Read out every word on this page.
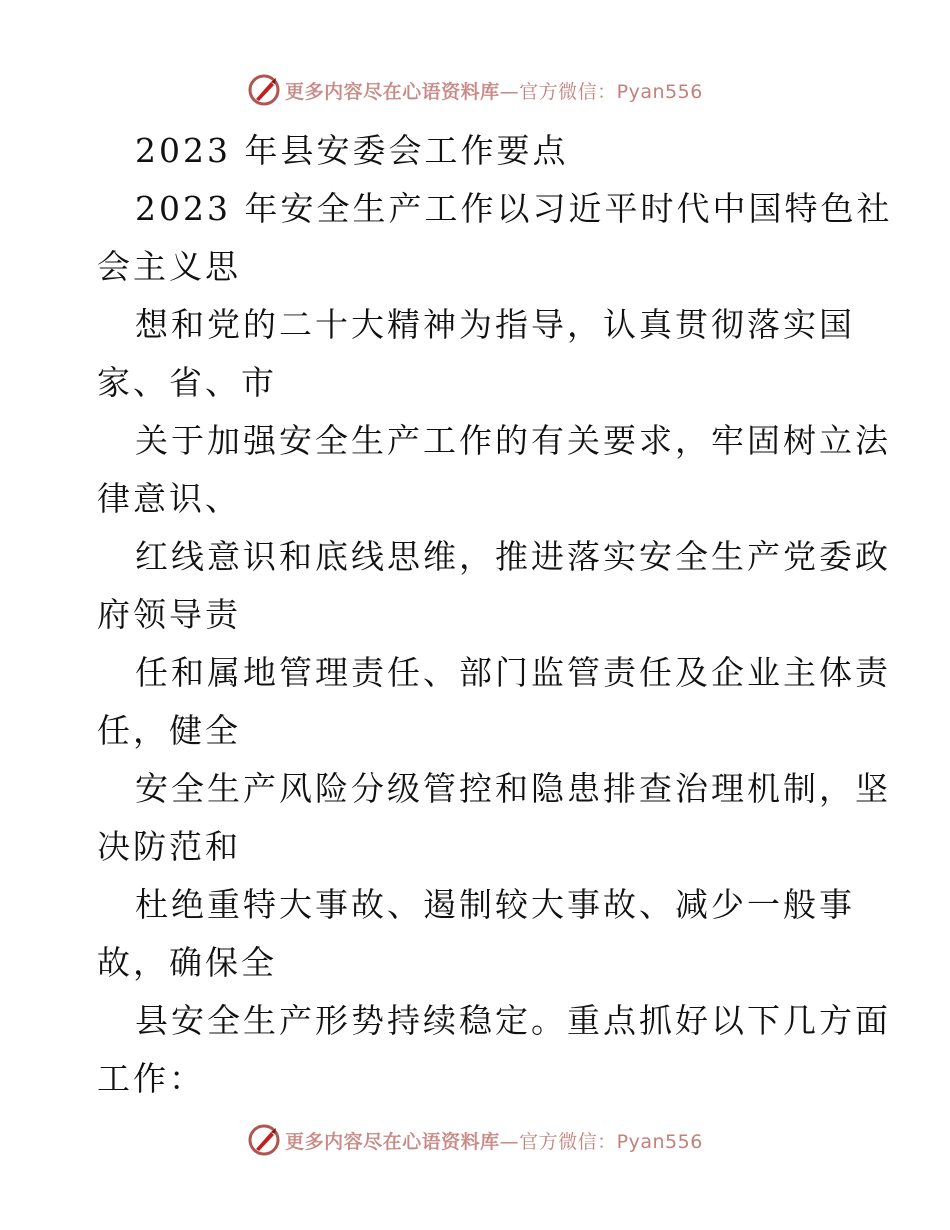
更多内容尽在心语资料库—官方微信：Pyan556
2023 年县安委会工作要点
2023 年安全生产工作以习近平时代中国特色社
会主义思
想和党的二十大精神为指导，认真贯彻落实国
家、省、市
关于加强安全生产工作的有关要求，牢固树立法
律意识、
红线意识和底线思维，推进落实安全生产党委政
府领导责
任和属地管理责任、部门监管责任及企业主体责
任，健全
安全生产风险分级管控和隐患排查治理机制，坚
决防范和
杜绝重特大事故、遏制较大事故、减少一般事
故，确保全
县安全生产形势持续稳定。重点抓好以下几方面
工作：
更多内容尽在心语资料库—官方微信：Pyan556
